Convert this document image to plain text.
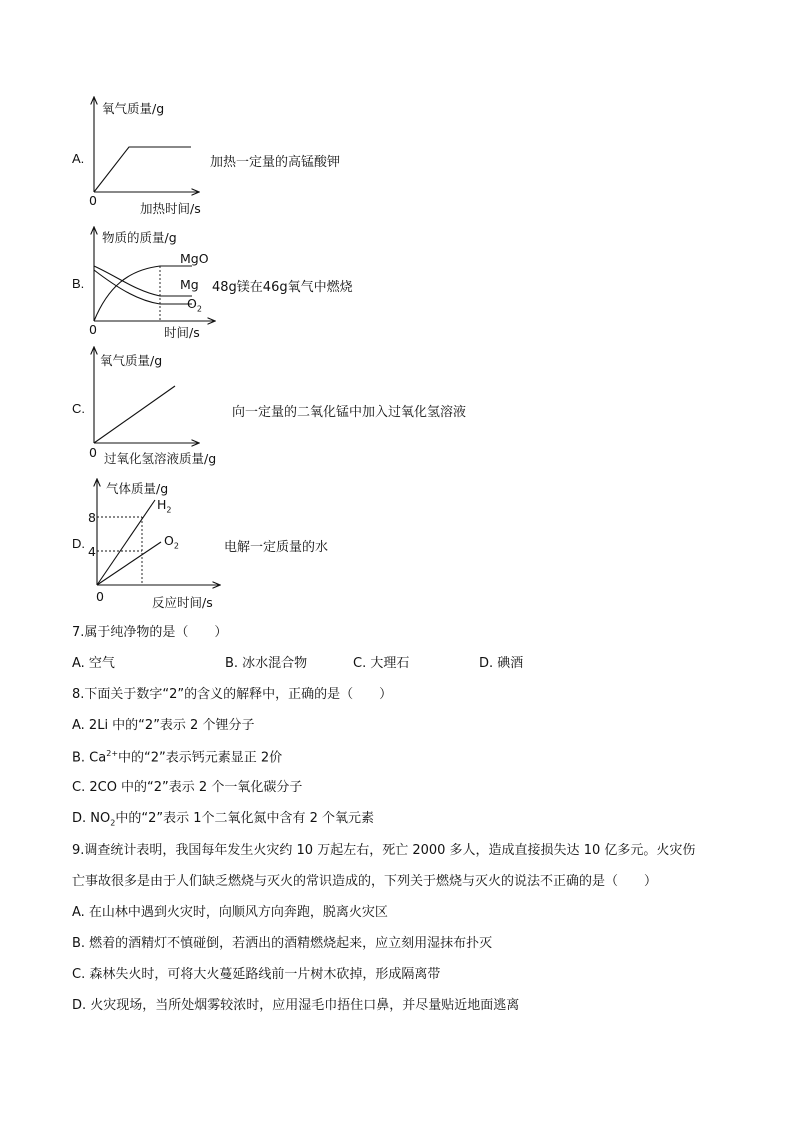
A.
氧气质量/g
0
加热时间/s
加热一定量的高锰酸钾
B.
物质的质量/g
MgO
Mg
$O_2$
0	时间/s
48g镁在46g氧气中燃烧
C.
氧气质量/g
0 过氧化氢溶液质量/g
向一定量的二氧化锰中加入过氧化氢溶液
D.
气体质量/g
8
4
$H_2$
$O_2$
0	反应时间/s
电解一定质量的水
7.属于纯净物的是（　　）
A. 空气	B. 冰水混合物	C. 大理石	D. 碘酒
8.下面关于数字“2”的含义的解释中，正确的是（　　）
A. 2Li 中的“2”表示 2 个锂分子
B. $Ca^{2+}$中的“2”表示钙元素显正 2价
C. 2CO 中的“2”表示 2 个一氧化碳分子
D. $NO_2$中的“2”表示 1个二氧化氮中含有 2 个氧元素
9.调查统计表明，我国每年发生火灾约 10 万起左右，死亡 2000 多人，造成直接损失达 10 亿多元。火灾伤
亡事故很多是由于人们缺乏燃烧与灭火的常识造成的，下列关于燃烧与灭火的说法不正确的是（　　）
A. 在山林中遇到火灾时，向顺风方向奔跑，脱离火灾区
B. 燃着的酒精灯不慎碰倒，若洒出的酒精燃烧起来，应立刻用湿抹布扑灭
C. 森林失火时，可将大火蔓延路线前一片树木砍掉，形成隔离带
D. 火灾现场，当所处烟雾较浓时，应用湿毛巾捂住口鼻，并尽量贴近地面逃离
